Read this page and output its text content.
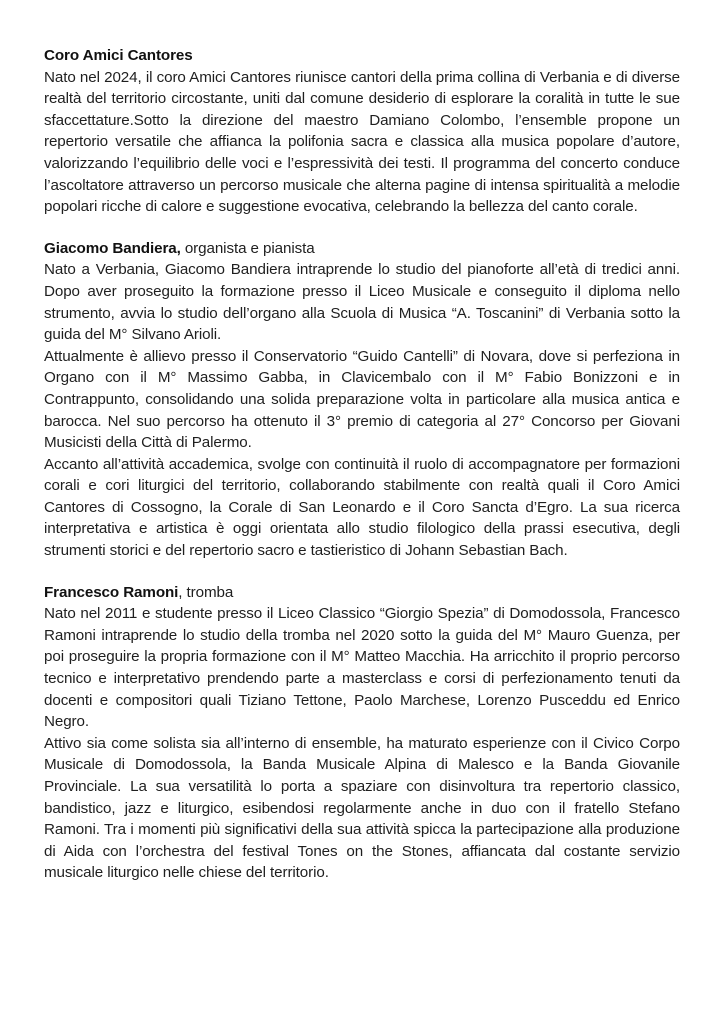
Coro Amici Cantores

Nato nel 2024, il coro Amici Cantores riunisce cantori della prima collina di Verbania e di diverse realtà del territorio circostante, uniti dal comune desiderio di esplorare la coralità in tutte le sue sfaccettature.Sotto la direzione del maestro Damiano Colombo, l’ensemble propone un repertorio versatile che affianca la polifonia sacra e classica alla musica popolare d’autore, valorizzando l’equilibrio delle voci e l’espressività dei testi. Il programma del concerto conduce l’ascoltatore attraverso un percorso musicale che alterna pagine di intensa spiritualità a melodie popolari ricche di calore e suggestione evocativa, celebrando la bellezza del canto corale.

Giacomo Bandiera, organista e pianista

Nato a Verbania, Giacomo Bandiera intraprende lo studio del pianoforte all’età di tredici anni. Dopo aver proseguito la formazione presso il Liceo Musicale e conseguito il diploma nello strumento, avvia lo studio dell’organo alla Scuola di Musica “A. Toscanini” di Verbania sotto la guida del M° Silvano Arioli.

Attualmente è allievo presso il Conservatorio “Guido Cantelli” di Novara, dove si perfeziona in Organo con il M° Massimo Gabba, in Clavicembalo con il M° Fabio Bonizzoni e in Contrappunto, consolidando una solida preparazione volta in particolare alla musica antica e barocca. Nel suo percorso ha ottenuto il 3° premio di categoria al 27° Concorso per Giovani Musicisti della Città di Palermo.

Accanto all’attività accademica, svolge con continuità il ruolo di accompagnatore per formazioni corali e cori liturgici del territorio, collaborando stabilmente con realtà quali il Coro Amici Cantores di Cossogno, la Corale di San Leonardo e il Coro Sancta d’Egro. La sua ricerca interpretativa e artistica è oggi orientata allo studio filologico della prassi esecutiva, degli strumenti storici e del repertorio sacro e tastieristico di Johann Sebastian Bach.

Francesco Ramoni, tromba

Nato nel 2011 e studente presso il Liceo Classico “Giorgio Spezia” di Domodossola, Francesco Ramoni intraprende lo studio della tromba nel 2020 sotto la guida del M° Mauro Guenza, per poi proseguire la propria formazione con il M° Matteo Macchia. Ha arricchito il proprio percorso tecnico e interpretativo prendendo parte a masterclass e corsi di perfezionamento tenuti da docenti e compositori quali Tiziano Tettone, Paolo Marchese, Lorenzo Pusceddu ed Enrico Negro.

Attivo sia come solista sia all’interno di ensemble, ha maturato esperienze con il Civico Corpo Musicale di Domodossola, la Banda Musicale Alpina di Malesco e la Banda Giovanile Provinciale. La sua versatilità lo porta a spaziare con disinvoltura tra repertorio classico, bandistico, jazz e liturgico, esibendosi regolarmente anche in duo con il fratello Stefano Ramoni. Tra i momenti più significativi della sua attività spicca la partecipazione alla produzione di Aida con l’orchestra del festival Tones on the Stones, affiancata dal costante servizio musicale liturgico nelle chiese del territorio.
